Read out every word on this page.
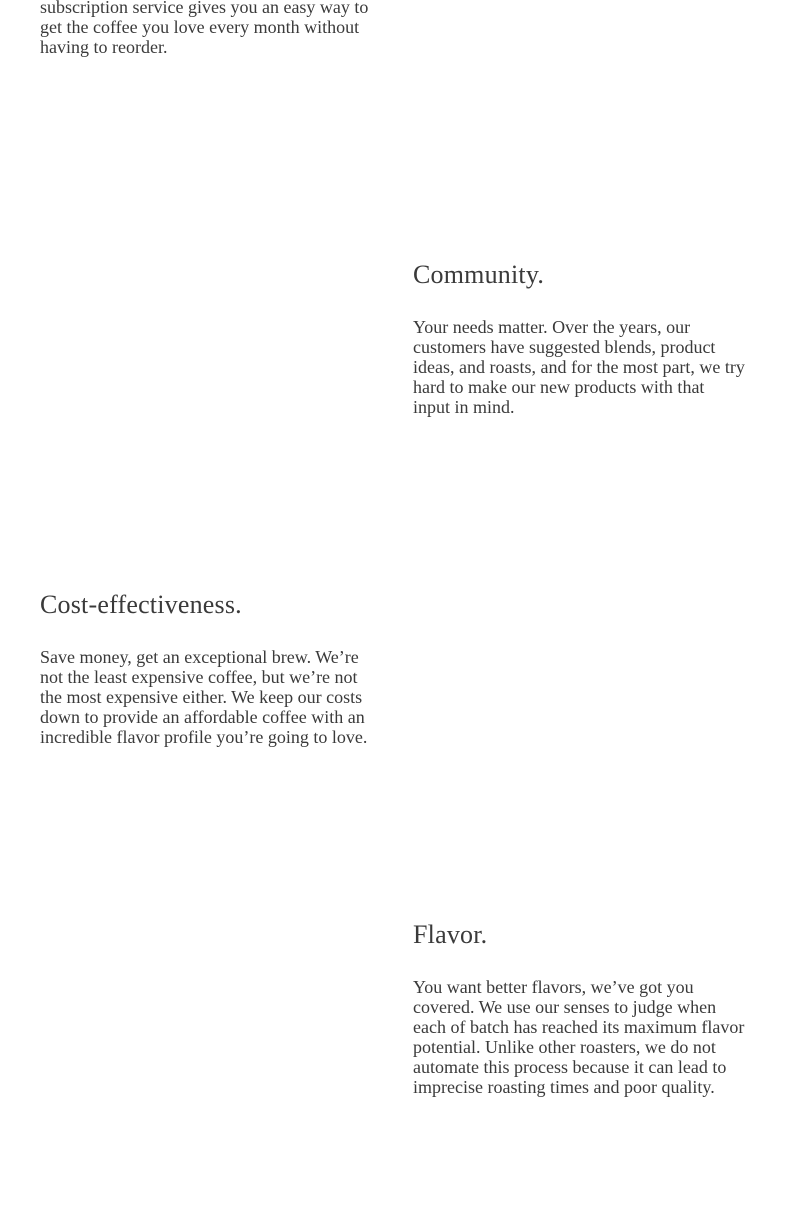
subscription service gives you an easy way to get the coffee you love every month without having to reorder.

Community.

Your needs matter. Over the years, our customers have suggested blends, product ideas, and roasts, and for the most part, we try hard to make our new products with that input in mind.

Cost-effectiveness.

Save money, get an exceptional brew. We’re not the least expensive coffee, but we’re not the most expensive either. We keep our costs down to provide an affordable coffee with an incredible flavor profile you’re going to love.

Flavor.

You want better flavors, we’ve got you covered. We use our senses to judge when each of batch has reached its maximum flavor potential. Unlike other roasters, we do not automate this process because it can lead to imprecise roasting times and poor quality.
